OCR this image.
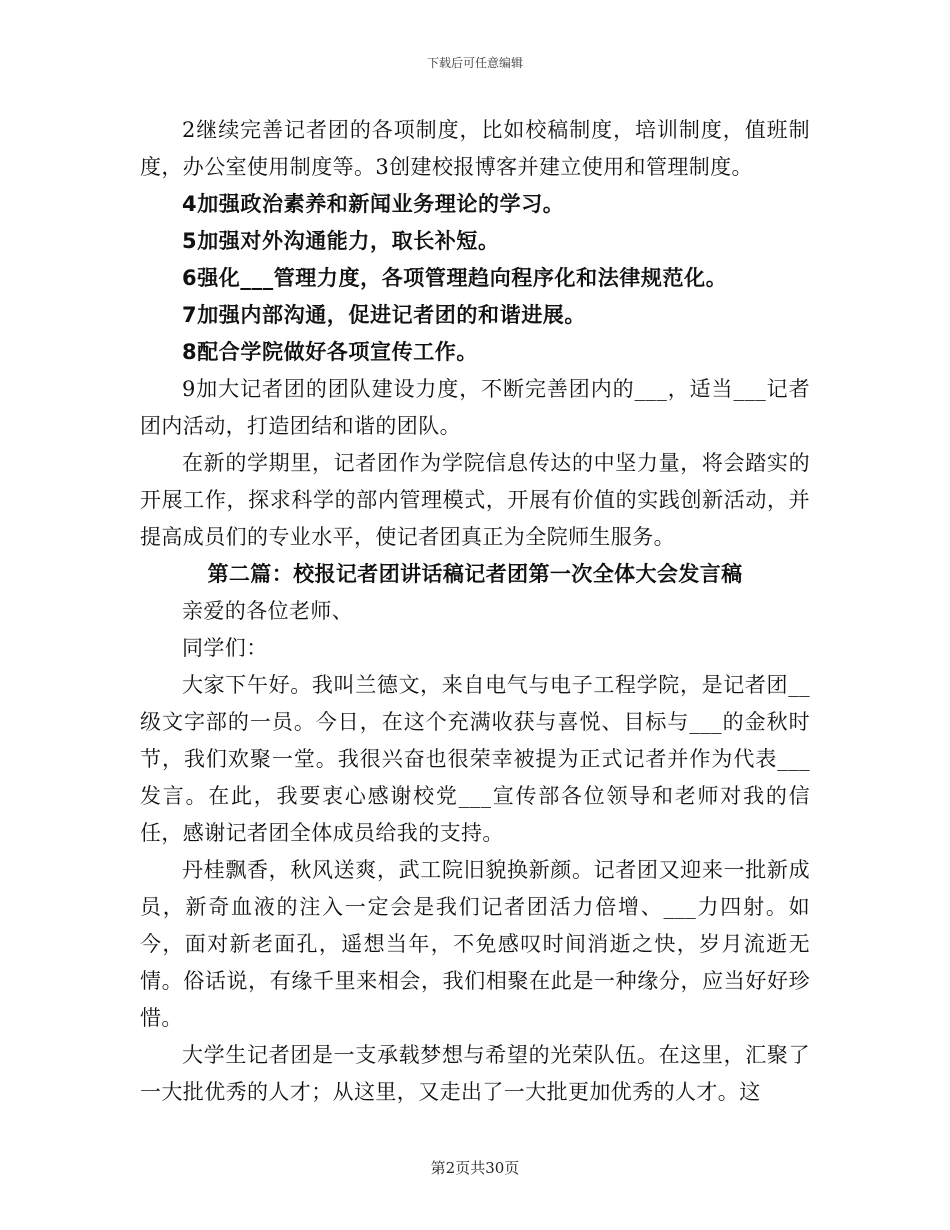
下载后可任意编辑

2继续完善记者团的各项制度，比如校稿制度，培训制度，值班制度，办公室使用制度等。3创建校报博客并建立使用和管理制度。

4加强政治素养和新闻业务理论的学习。

5加强对外沟通能力，取长补短。

6强化___管理力度，各项管理趋向程序化和法律规范化。

7加强内部沟通，促进记者团的和谐进展。

8配合学院做好各项宣传工作。

9加大记者团的团队建设力度，不断完善团内的___，适当___记者团内活动，打造团结和谐的团队。

在新的学期里，记者团作为学院信息传达的中坚力量，将会踏实的开展工作，探求科学的部内管理模式，开展有价值的实践创新活动，并提高成员们的专业水平，使记者团真正为全院师生服务。

第二篇：校报记者团讲话稿记者团第一次全体大会发言稿

亲爱的各位老师、

同学们：

大家下午好。我叫兰德文，来自电气与电子工程学院，是记者团__级文字部的一员。今日，在这个充满收获与喜悦、目标与___的金秋时节，我们欢聚一堂。我很兴奋也很荣幸被提为正式记者并作为代表___发言。在此，我要衷心感谢校党___宣传部各位领导和老师对我的信任，感谢记者团全体成员给我的支持。

丹桂飘香，秋风送爽，武工院旧貌换新颜。记者团又迎来一批新成员，新奇血液的注入一定会是我们记者团活力倍增、___力四射。如今，面对新老面孔，遥想当年，不免感叹时间消逝之快，岁月流逝无情。俗话说，有缘千里来相会，我们相聚在此是一种缘分，应当好好珍惜。

大学生记者团是一支承载梦想与希望的光荣队伍。在这里，汇聚了一大批优秀的人才；从这里，又走出了一大批更加优秀的人才。这

第2页共30页
